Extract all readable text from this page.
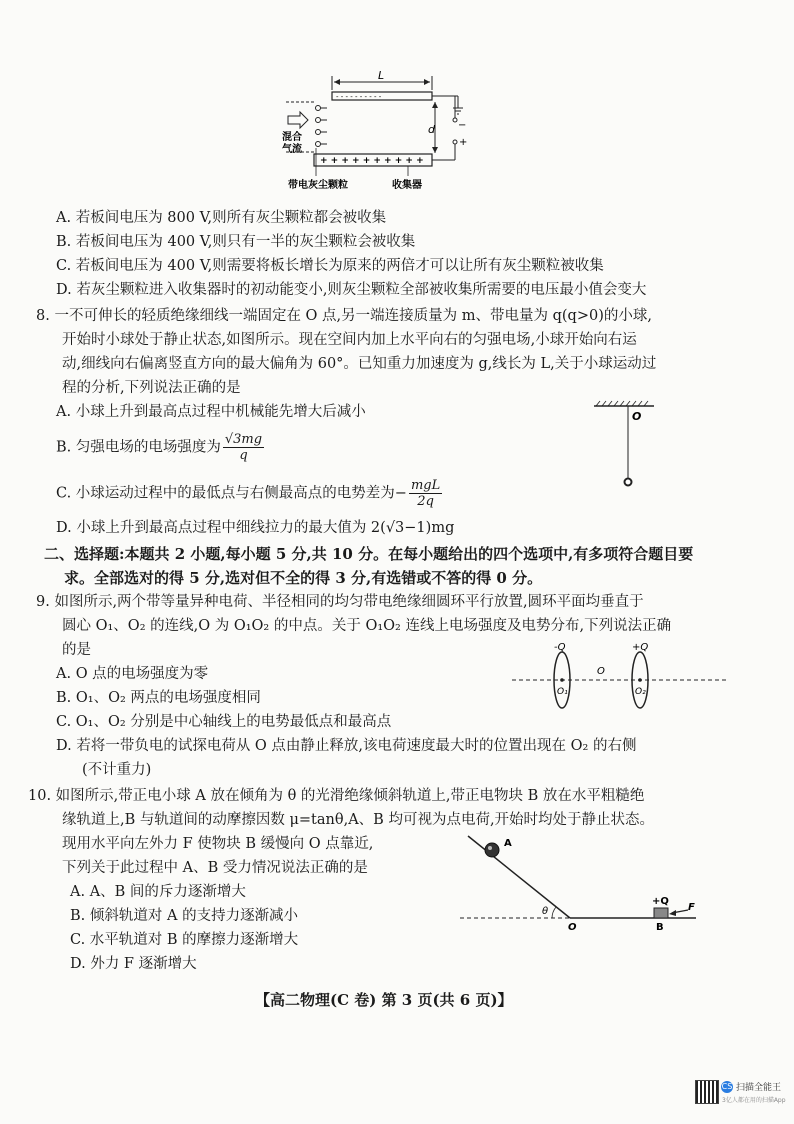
L
- - - - - - - - - -
+ + + + + + + + + +
d −
+
混合
气流
带电灰尘颗粒	收集器
A. 若板间电压为 800 V,则所有灰尘颗粒都会被收集
B. 若板间电压为 400 V,则只有一半的灰尘颗粒会被收集
C. 若板间电压为 400 V,则需要将板长增长为原来的两倍才可以让所有灰尘颗粒被收集
D. 若灰尘颗粒进入收集器时的初动能变小,则灰尘颗粒全部被收集所需要的电压最小值会变大
8. 一不可伸长的轻质绝缘细线一端固定在 O 点,另一端连接质量为 m、带电量为 q(q>0)的小球,
开始时小球处于静止状态,如图所示。现在空间内加上水平向右的匀强电场,小球开始向右运
动,细线向右偏离竖直方向的最大偏角为 60°。已知重力加速度为 g,线长为 L,关于小球运动过
程的分析,下列说法正确的是
A. 小球上升到最高点过程中机械能先增大后减小
B. 匀强电场的电场强度为 $\frac{√3mg}{q}$
C. 小球运动过程中的最低点与右侧最高点的电势差为− $\frac{\text{mgL}}{2q}$
D. 小球上升到最高点过程中细线拉力的最大值为 2(√3−1)mg
O
二、选择题:本题共 2 小题,每小题 5 分,共 10 分。在每小题给出的四个选项中,有多项符合题目要
求。全部选对的得 5 分,选对但不全的得 3 分,有选错或不答的得 0 分。
9. 如图所示,两个带等量异种电荷、半径相同的均匀带电绝缘细圆环平行放置,圆环平面均垂直于
圆心 O₁、O₂ 的连线,O 为 O₁O₂ 的中点。关于 O₁O₂ 连线上电场强度及电势分布,下列说法正确
的是
A. O 点的电场强度为零
B. O₁、O₂ 两点的电场强度相同
C. O₁、O₂ 分别是中心轴线上的电势最低点和最高点
D. 若将一带负电的试探电荷从 O 点由静止释放,该电荷速度最大时的位置出现在 O₂ 的右侧
(不计重力)
-Q	+Q
O
O₁	O₂
10. 如图所示,带正电小球 A 放在倾角为 θ 的光滑绝缘倾斜轨道上,带正电物块 B 放在水平粗糙绝
缘轨道上,B 与轨道间的动摩擦因数 μ=tanθ,A、B 均可视为点电荷,开始时均处于静止状态。
现用水平向左外力 F 使物块 B 缓慢向 O 点靠近,
下列关于此过程中 A、B 受力情况说法正确的是
A. A、B 间的斥力逐渐增大
B. 倾斜轨道对 A 的支持力逐渐减小
C. 水平轨道对 B 的摩擦力逐渐增大
D. 外力 F 逐渐增大
θ
A
O
+Q
B
F
【高二物理(C 卷) 第 3 页(共 6 页)】
CS 扫描全能王
3亿人都在用的扫描App
